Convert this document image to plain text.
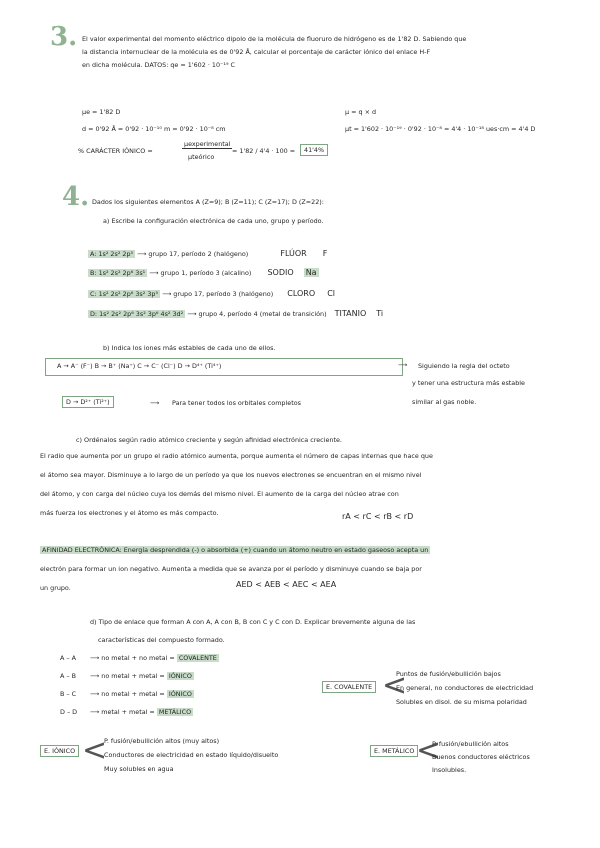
3. El valor experimental del momento eléctrico dipolo de la molécula de fluoruro de hidrógeno es de 1'82 D. Sabiendo que
la distancia internuclear de la molécula es de 0'92 Å, calcular el porcentaje de carácter iónico del enlace H-F
en dicha molécula. DATOS: qe = 1'602 · 10⁻¹⁹ C
μe = 1'82 D
d = 0'92 Å = 0'92 · 10⁻¹⁰ m = 0'92 · 10⁻⁸ cm
μ = q × d
μt = 1'602 · 10⁻¹⁹ · 0'92 · 10⁻⁸ = 4'4 · 10⁻¹⁸ ues·cm = 4'4 D
% CARÁCTER IÓNICO =
μexperimental
μteórico
= 1'82 / 4'4 · 100 =	41'4%
4. Dados los siguientes elementos A (Z=9); B (Z=11); C (Z=17); D (Z=22):
a) Escribe la configuración electrónica de cada uno, grupo y período.
A: 1s² 2s² 2p⁵ ⟶ grupo 17, período 2 (halógeno)	FLÚOR F
B: 1s² 2s² 2p⁶ 3s¹ ⟶ grupo 1, período 3 (alcalino) SODIO Na
C: 1s² 2s² 2p⁶ 3s² 3p⁵ ⟶ grupo 17, período 3 (halógeno) CLORO Cl
D: 1s² 2s² 2p⁶ 3s² 3p⁶ 4s² 3d² ⟶ grupo 4, período 4 (metal de transición) TITANIO Ti
b) Indica los iones más estables de cada uno de ellos.
A → A⁻ (F⁻) B → B⁺ (Na⁺) C → C⁻ (Cl⁻) D → D⁴⁺ (Ti⁴⁺)	⟶ Siguiendo la regla del octeto
y tener una estructura más estable
similar al gas noble.
D → D²⁺ (Ti²⁺)	⟶ Para tener todos los orbitales completos
c) Ordénalos según radio atómico creciente y según afinidad electrónica creciente.
El radio que aumenta por un grupo el radio atómico aumenta, porque aumenta el número de capas internas que hace que
el átomo sea mayor. Disminuye a lo largo de un período ya que los nuevos electrones se encuentran en el mismo nivel
del átomo, y con carga del núcleo cuya los demás del mismo nivel. El aumento de la carga del núcleo atrae con
más fuerza los electrones y el átomo es más compacto.	rA < rC < rB < rD
AFINIDAD ELECTRÓNICA: Energía desprendida (-) o absorbida (+) cuando un átomo neutro en estado gaseoso acepta un
electrón para formar un ion negativo. Aumenta a medida que se avanza por el período y disminuye cuando se baja por
un grupo.	AED < AEB < AEC < AEA
d) Tipo de enlace que forman A con A, A con B, B con C y C con D. Explicar brevemente alguna de las
características del compuesto formado.
A – A ⟶ no metal + no metal = COVALENTE
A – B ⟶ no metal + metal = IÓNICO
B – C ⟶ no metal + metal = IÓNICO
D – D ⟶ metal + metal = METÁLICO
E. COVALENTE <
Puntos de fusión/ebullición bajos
En general, no conductores de electricidad
Solubles en disol. de su misma polaridad
E. IÓNICO <
P. fusión/ebullición altos (muy altos)
Conductores de electricidad en estado líquido/disuelto
Muy solubles en agua
E. METÁLICO <
P. fusión/ebullición altos
Buenos conductores eléctricos
Insolubles.
